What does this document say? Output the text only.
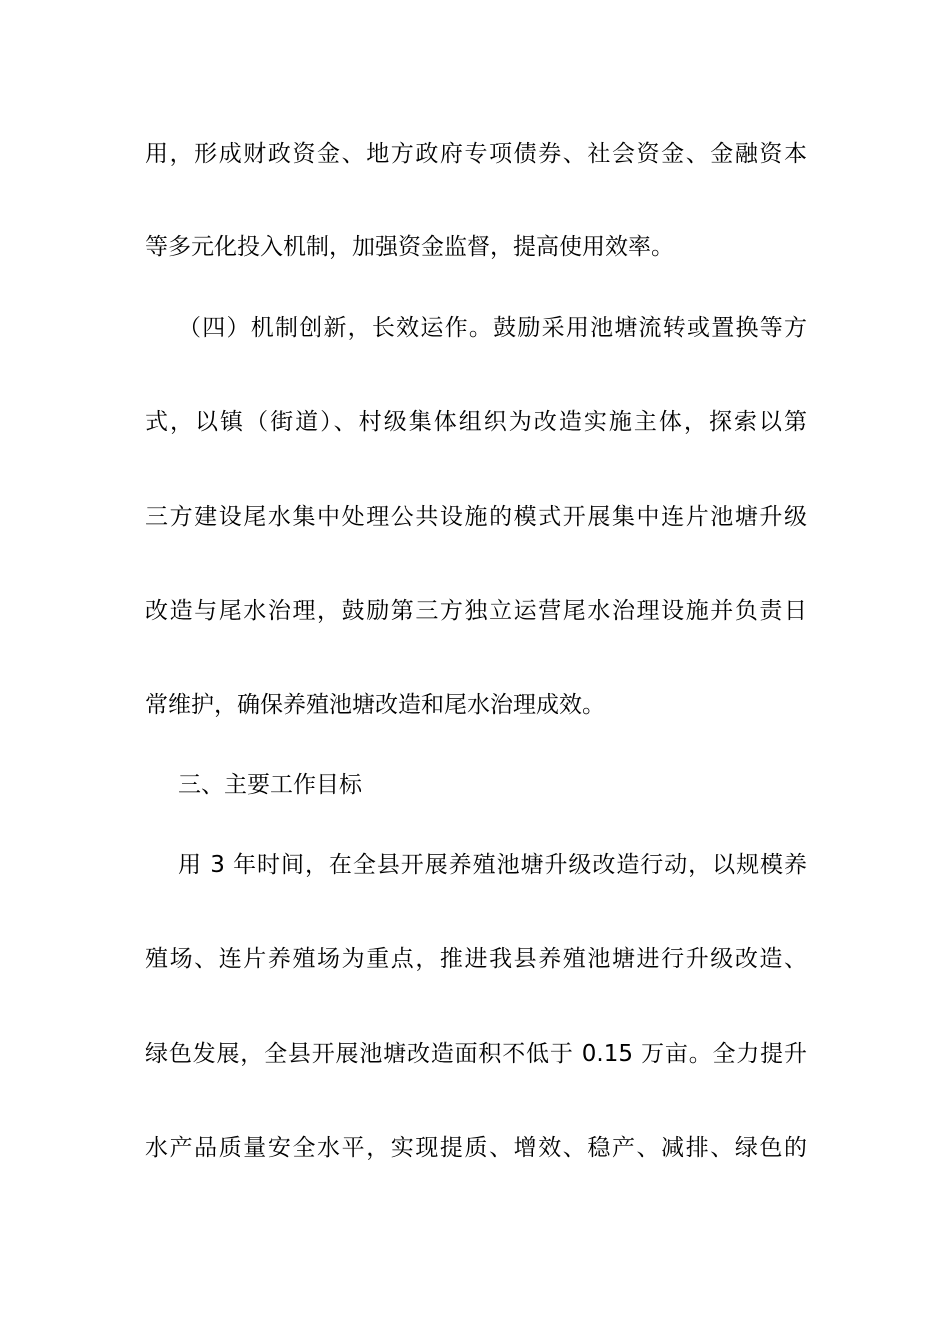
用，形成财政资金、地方政府专项债券、社会资金、金融资本
等多元化投入机制，加强资金监督，提高使用效率。
（四）机制创新，长效运作。鼓励采用池塘流转或置换等方
式，以镇（街道）、村级集体组织为改造实施主体，探索以第
三方建设尾水集中处理公共设施的模式开展集中连片池塘升级
改造与尾水治理，鼓励第三方独立运营尾水治理设施并负责日
常维护，确保养殖池塘改造和尾水治理成效。
三、主要工作目标
用 3 年时间，在全县开展养殖池塘升级改造行动，以规模养
殖场、连片养殖场为重点，推进我县养殖池塘进行升级改造、
绿色发展，全县开展池塘改造面积不低于 0.15 万亩。全力提升
水产品质量安全水平，实现提质、增效、稳产、减排、绿色的
